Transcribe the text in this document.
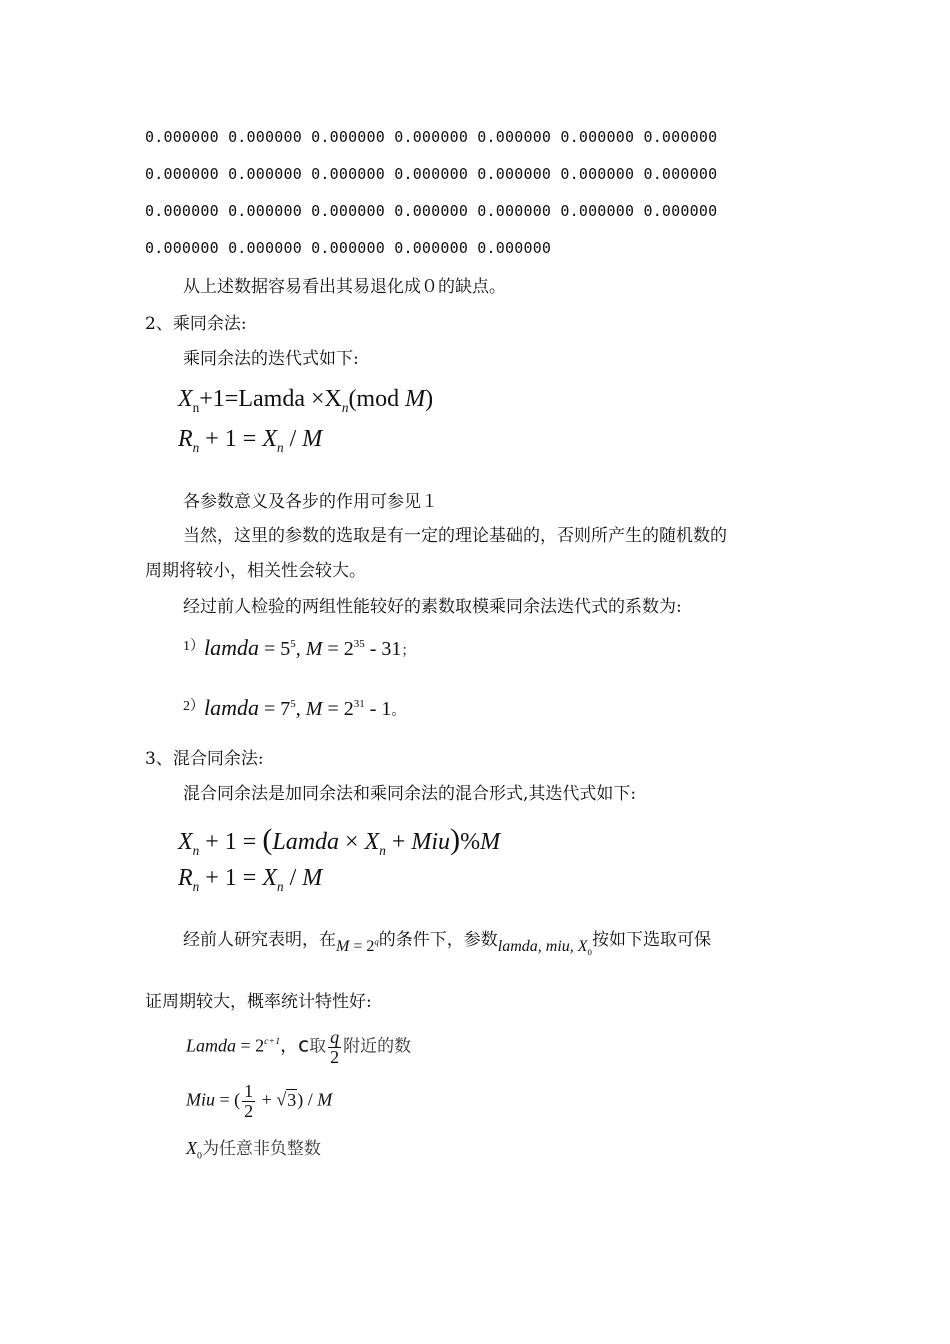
0.000000 0.000000 0.000000 0.000000 0.000000 0.000000 0.000000
0.000000 0.000000 0.000000 0.000000 0.000000 0.000000 0.000000
0.000000 0.000000 0.000000 0.000000 0.000000 0.000000 0.000000
0.000000 0.000000 0.000000 0.000000 0.000000
从上述数据容易看出其易退化成０的缺点。
2、乘同余法:
乘同余法的迭代式如下:
$X_n+1=Lamda \times X_n(mod$ M)
$R_n + 1 = X_n / M$
各参数意义及各步的作用可参见１
当然，这里的参数的选取是有一定的理论基础的，否则所产生的随机数的
周期将较小，相关性会较大。
经过前人检验的两组性能较好的素数取模乘同余法迭代式的系数为:
$^{1)}$lamda = $5^5$, $M = 2^{35} - 31$；
$^{2)}$lamda = $7^5$, $M = 2^{31} - 1$。
3、混合同余法:
混合同余法是加同余法和乘同余法的混合形式,其迭代式如下:
$X_n + 1$ = (Lamda × $X_n + Miu)\%M$
$R_n + 1 = X_n / M$
经前人研究表明，在$M = 2^q$的条件下，参数lamda, miu, $X_0$按如下选取可保
证周期较大，概率统计特性好:
Lamda = $2^{c+1}$，c取 $\frac{q}{2}$ 附近的数
Miu = ( $\frac{1}{2} + √3) / M$
$X_0$为任意非负整数
